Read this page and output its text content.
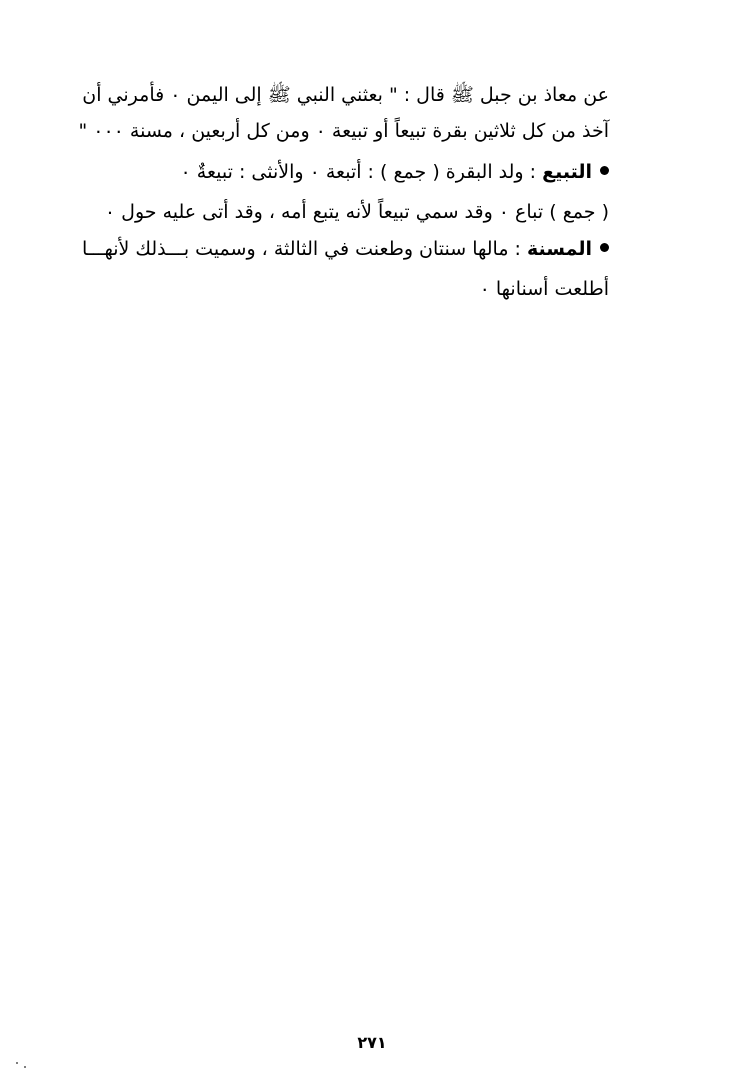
عن معاذ بن جبل ﷺ قال : " بعثني النبي ﷺ إلى اليمن ٠ فأمرني أن
آخذ من كل ثلاثين بقرة تبيعاً أو تبيعة ٠ ومن كل أربعين ، مسنة ٠٠٠ "
التبيع : ولد البقرة ( جمع ) : أتبعة ٠ والأنثى : تبيعةٌ ٠
( جمع ) تباع ٠ وقد سمي تبيعاً لأنه يتبع أمه ، وقد أتى عليه حول ٠
المسنة : مالها سنتان وطعنت في الثالثة ، وسميت بـــذلك لأنهـــا
أطلعت أسنانها ٠
٢٧١
